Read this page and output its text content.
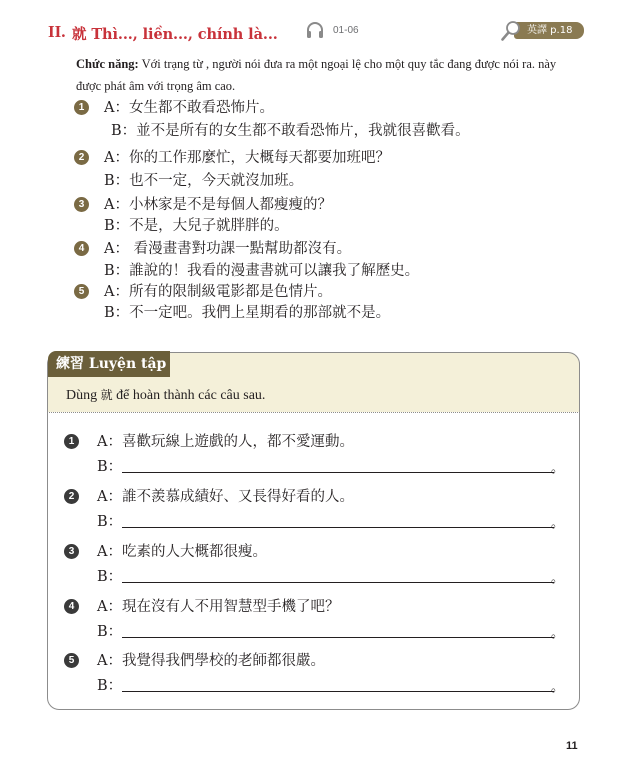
II. 就 Thì..., liền..., chính là...	01-06	英譯 p.18
Chức năng: Với trạng từ , người nói đưa ra một ngoại lệ cho một quy tắc đang được nói ra. này được phát âm với trọng âm cao.
1	A：女生都不敢看恐怖片。
B：並不是所有的女生都不敢看恐怖片，我就很喜歡看。
2	A：你的工作那麼忙，大概每天都要加班吧？
B：也不一定，今天就沒加班。
3	A：小林家是不是每個人都瘦瘦的？
B：不是，大兒子就胖胖的。
4	A： 看漫畫書對功課一點幫助都沒有。
B：誰說的！我看的漫畫書就可以讓我了解歷史。
5	A：所有的限制級電影都是色情片。
B：不一定吧。我們上星期看的那部就不是。
練習 Luyện tập
Dùng 就 để hoàn thành các câu sau.
1	A：喜歡玩線上遊戲的人，都不愛運動。
B：	。
2	A：誰不羨慕成績好、又長得好看的人。
B：	。
3	A：吃素的人大概都很瘦。
B：	。
4	A：現在沒有人不用智慧型手機了吧？
B：	。
5	A：我覺得我們學校的老師都很嚴。
B：	。
11
